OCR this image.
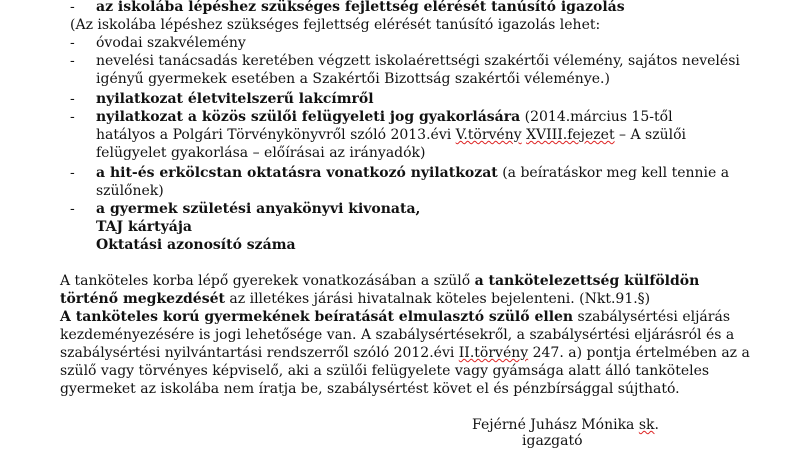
- az iskolába lépéshez szükséges fejlettség elérését tanúsító igazolás
(Az iskolába lépéshez szükséges fejlettség elérését tanúsító igazolás lehet:
- óvodai szakvélemény
- nevelési tanácsadás keretében végzett iskolaérettségi szakértői vélemény, sajátos nevelési
igényű gyermekek esetében a Szakértői Bizottság szakértői véleménye.)
- nyilatkozat életvitelszerű lakcímről
- nyilatkozat a közös szülői felügyeleti jog gyakorlására (2014.március 15-től
hatályos a Polgári Törvénykönyvről szóló 2013.évi V.törvény XVIII.fejezet – A szülői
felügyelet gyakorlása – előírásai az irányadók)
- a hit-és erkölcstan oktatásra vonatkozó nyilatkozat (a beíratáskor meg kell tennie a
szülőnek)
- a gyermek születési anyakönyvi kivonata,
TAJ kártyája
Oktatási azonosító száma
A tanköteles korba lépő gyerekek vonatkozásában a szülő a tankötelezettség külföldön
történő megkezdését az illetékes járási hivatalnak köteles bejelenteni. (Nkt.91.§)
A tanköteles korú gyermekének beíratását elmulasztó szülő ellen szabálysértési eljárás
kezdeményezésére is jogi lehetősége van. A szabálysértésekről, a szabálysértési eljárásról és a
szabálysértési nyilvántartási rendszerről szóló 2012.évi II.törvény 247. a) pontja értelmében az a
szülő vagy törvényes képviselő, aki a szülői felügyelete vagy gyámsága alatt álló tanköteles
gyermeket az iskolába nem íratja be, szabálysértést követ el és pénzbírsággal sújtható.
Fejérné Juhász Mónika sk.
igazgató
